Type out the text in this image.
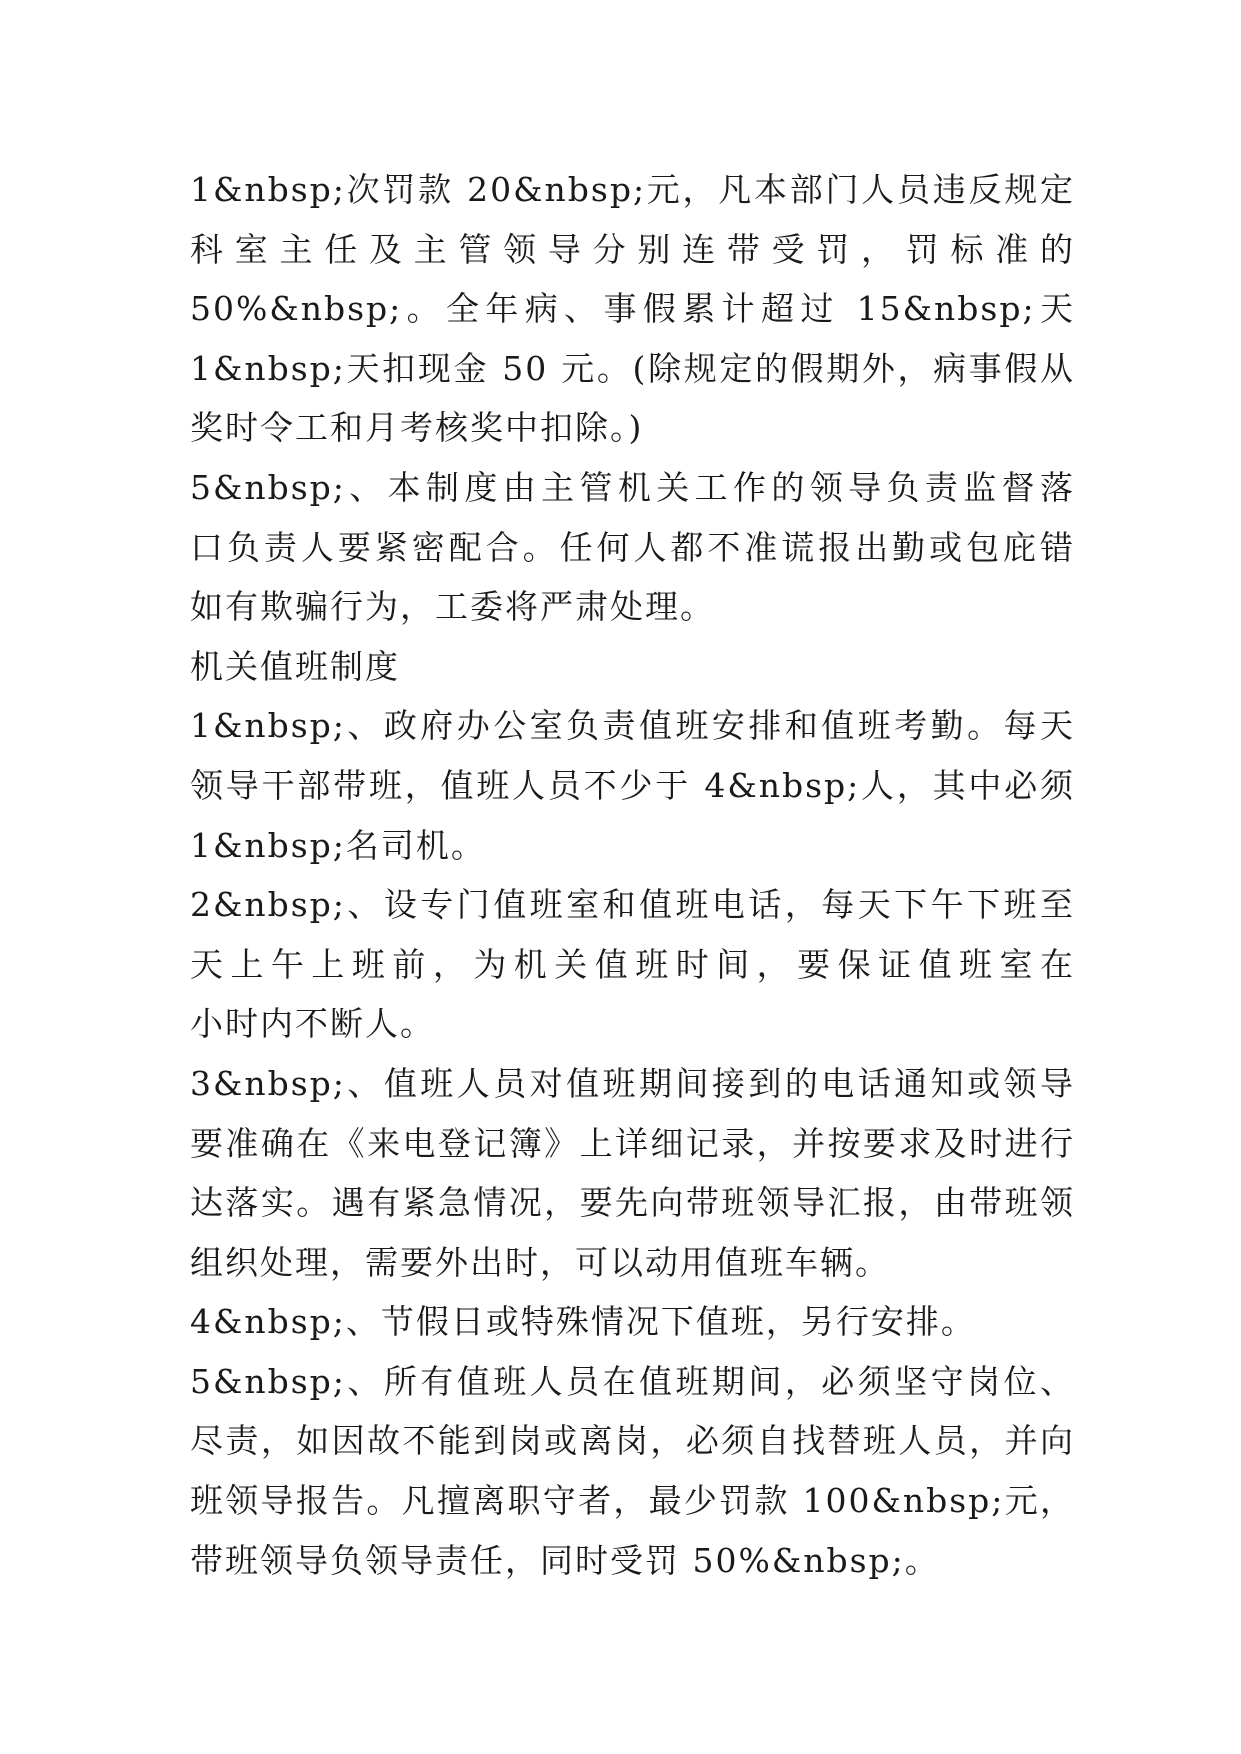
1&nbsp;次罚款 20&nbsp;元，凡本部门人员违反规定
科室主任及主管领导分别连带受罚，罚标准的
50%&nbsp;。全年病、事假累计超过 15&nbsp;天
1&nbsp;天扣现金 50 元。(除规定的假期外，病事假从
奖时令工和月考核奖中扣除。)
5&nbsp;、本制度由主管机关工作的领导负责监督落
口负责人要紧密配合。任何人都不准谎报出勤或包庇错
如有欺骗行为，工委将严肃处理。
机关值班制度
1&nbsp;、政府办公室负责值班安排和值班考勤。每天
领导干部带班，值班人员不少于 4&nbsp;人，其中必须
1&nbsp;名司机。
2&nbsp;、设专门值班室和值班电话，每天下午下班至
天上午上班前，为机关值班时间，要保证值班室在
小时内不断人。
3&nbsp;、值班人员对值班期间接到的电话通知或领导
要准确在《来电登记簿》上详细记录，并按要求及时进行
达落实。遇有紧急情况，要先向带班领导汇报，由带班领
组织处理，需要外出时，可以动用值班车辆。
4&nbsp;、节假日或特殊情况下值班，另行安排。
5&nbsp;、所有值班人员在值班期间，必须坚守岗位、
尽责，如因故不能到岗或离岗，必须自找替班人员，并向
班领导报告。凡擅离职守者，最少罚款 100&nbsp;元，
带班领导负领导责任，同时受罚 50%&nbsp;。
